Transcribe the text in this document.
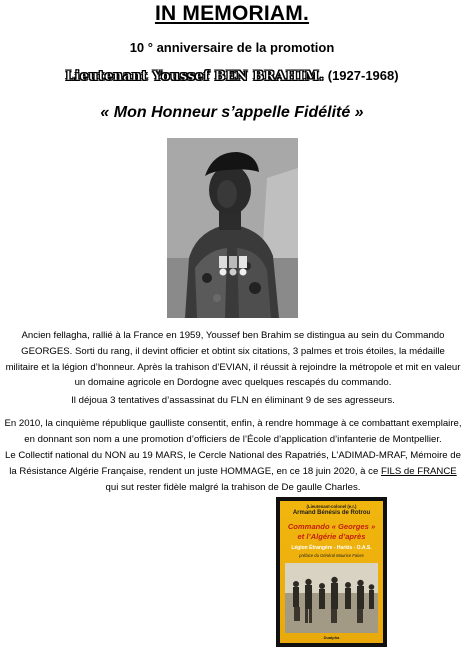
IN MEMORIAM.
10 ° anniversaire de la promotion
Lieutenant Youssef BEN BRAHIM. (1927-1968)
« Mon Honneur s’appelle Fidélité »
Ancien fellagha, rallié à la France en 1959, Youssef ben Brahim se distingua au sein du Commando GEORGES. Sorti du rang, il devint officier et obtint six citations, 3 palmes et trois étoiles, la médaille militaire et la légion d’honneur. Après la trahison d’EVIAN, il réussit à rejoindre la métropole et mit en valeur un domaine agricole en Dordogne avec quelques rescapés du commando.
Il déjoua 3 tentatives d’assassinat du FLN en éliminant 9 de ses agresseurs.
En 2010, la cinquième république gaulliste consentit, enfin, à rendre hommage à ce combattant exemplaire, en donnant son nom a une promotion d’officiers de l’École d’application d’infanterie de Montpellier.
Le Collectif national du NON au 19 MARS, le Cercle National des Rapatriés, L’ADIMAD-MRAF, Mémoire de la Résistance Algérie Française, rendent un juste HOMMAGE, en ce 18 juin 2020, à ce FILS de FRANCE qui sut rester fidèle malgré la trahison de De gaulle Charles.
(Lieutenant-colonel (e.r.)
Armand Bénésis de Rotrou
Commando « Georges »
et l’Algérie d’après
Légion Étrangère - Harkis - O.A.S.
préface du Général Maurice Faivre
Dualpha
